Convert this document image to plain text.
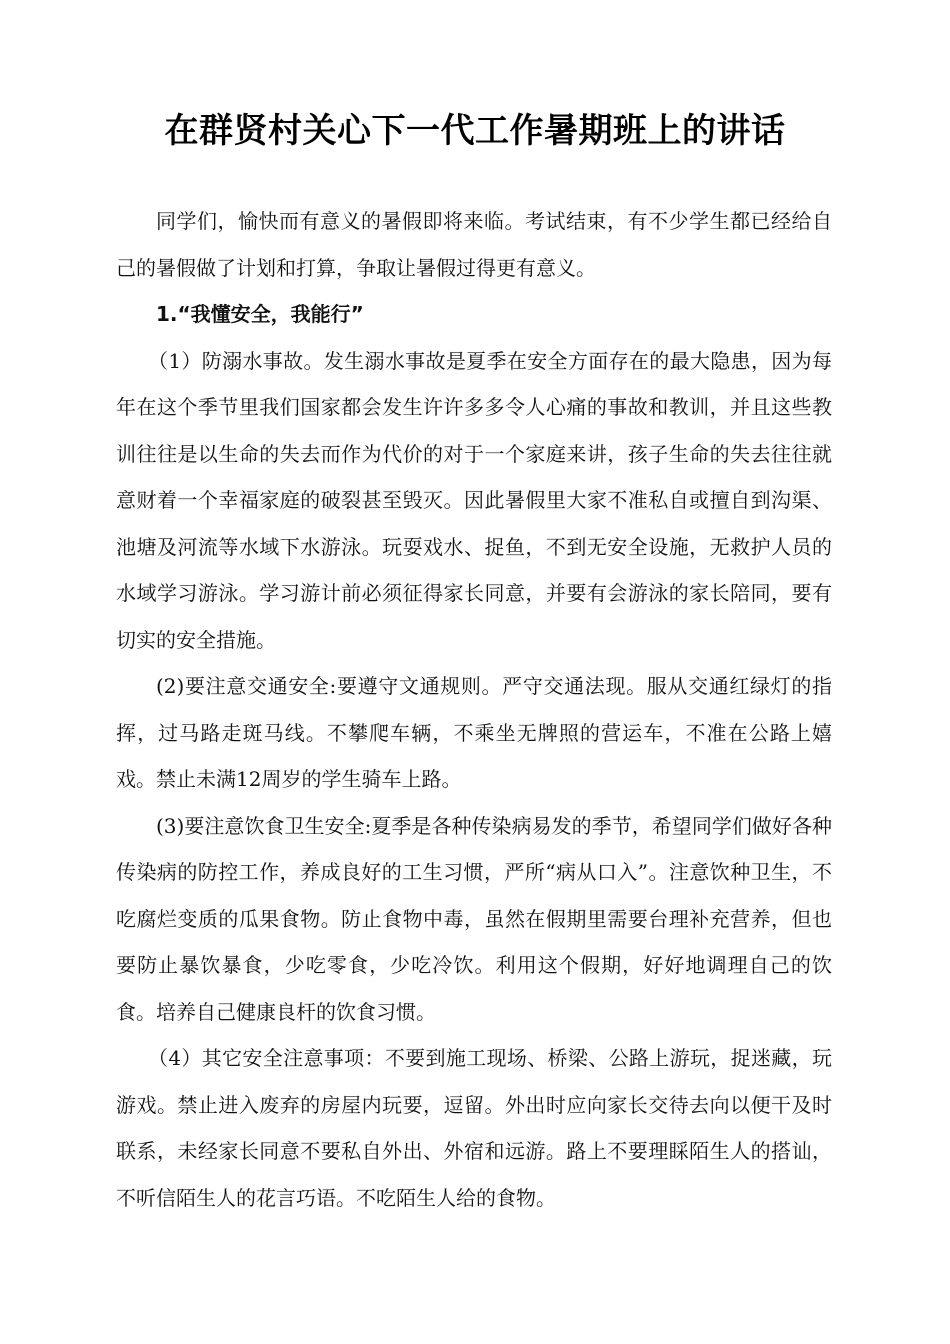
在群贤村关心下一代工作暑期班上的讲话

同学们，愉快而有意义的暑假即将来临。考试结束，有不少学生都已经给自己的暑假做了计划和打算，争取让暑假过得更有意义。

1.“我懂安全，我能行”

（1）防溺水事故。发生溺水事故是夏季在安全方面存在的最大隐患，因为每年在这个季节里我们国家都会发生许许多多令人心痛的事故和教训，并且这些教训往往是以生命的失去而作为代价的对于一个家庭来讲，孩子生命的失去往往就意财着一个幸福家庭的破裂甚至毁灭。因此暑假里大家不准私自或擅自到沟渠、池塘及河流等水域下水游泳。玩耍戏水、捉鱼，不到无安全设施，无救护人员的水域学习游泳。学习游计前必须征得家长同意，并要有会游泳的家长陪同，要有切实的安全措施。

(2)要注意交通安全:要遵守文通规则。严守交通法现。服从交通红绿灯的指挥，过马路走斑马线。不攀爬车辆，不乘坐无牌照的营运车，不准在公路上嬉戏。禁止未满12周岁的学生骑车上路。

(3)要注意饮食卫生安全:夏季是各种传染病易发的季节，希望同学们做好各种传染病的防控工作，养成良好的工生习惯，严所“病从口入”。注意饮种卫生，不吃腐烂变质的瓜果食物。防止食物中毒，虽然在假期里需要台理补充营养，但也要防止暴饮暴食，少吃零食，少吃冷饮。利用这个假期，好好地调理自己的饮食。培养自己健康良杆的饮食习惯。

（4）其它安全注意事项：不要到施工现场、桥梁、公路上游玩，捉迷藏，玩游戏。禁止进入废弃的房屋内玩要，逗留。外出时应向家长交待去向以便干及时联系，未经家长同意不要私自外出、外宿和远游。路上不要理睬陌生人的搭讪，不听信陌生人的花言巧语。不吃陌生人给的食物。
